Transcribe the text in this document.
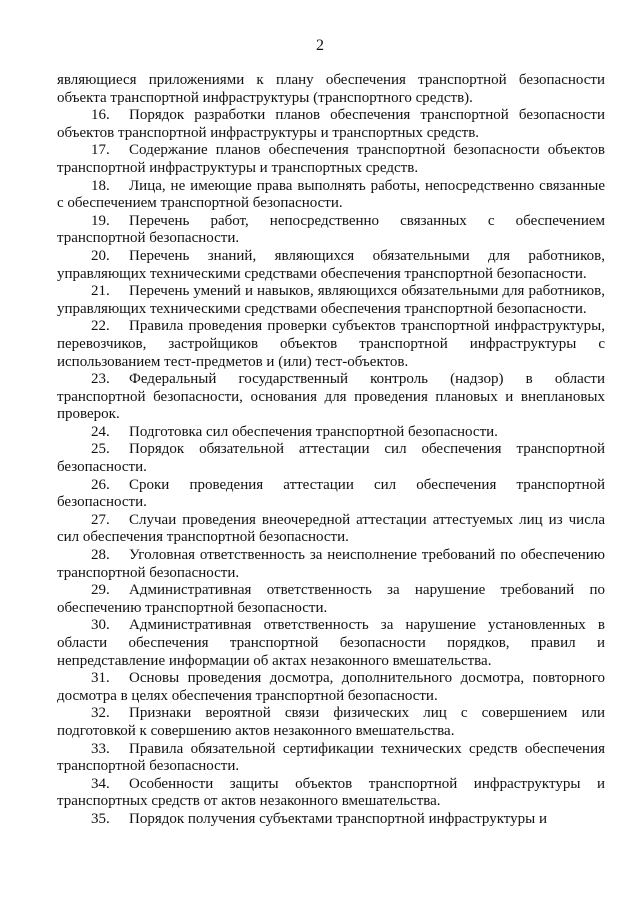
2

являющиеся приложениями к плану обеспечения транспортной безопасности объекта транспортной инфраструктуры (транспортного средств).

16. Порядок разработки планов обеспечения транспортной безопасности объектов транспортной инфраструктуры и транспортных средств.

17. Содержание планов обеспечения транспортной безопасности объектов транспортной инфраструктуры и транспортных средств.

18. Лица, не имеющие права выполнять работы, непосредственно связанные с обеспечением транспортной безопасности.

19. Перечень работ, непосредственно связанных с обеспечением транспортной безопасности.

20. Перечень знаний, являющихся обязательными для работников, управляющих техническими средствами обеспечения транспортной безопасности.

21. Перечень умений и навыков, являющихся обязательными для работников, управляющих техническими средствами обеспечения транспортной безопасности.

22. Правила проведения проверки субъектов транспортной инфраструктуры, перевозчиков, застройщиков объектов транспортной инфраструктуры с использованием тест-предметов и (или) тест-объектов.

23. Федеральный государственный контроль (надзор) в области транспортной безопасности, основания для проведения плановых и внеплановых проверок.

24. Подготовка сил обеспечения транспортной безопасности.

25. Порядок обязательной аттестации сил обеспечения транспортной безопасности.

26. Сроки проведения аттестации сил обеспечения транспортной безопасности.

27. Случаи проведения внеочередной аттестации аттестуемых лиц из числа сил обеспечения транспортной безопасности.

28. Уголовная ответственность за неисполнение требований по обеспечению транспортной безопасности.

29. Административная ответственность за нарушение требований по обеспечению транспортной безопасности.

30. Административная ответственность за нарушение установленных в области обеспечения транспортной безопасности порядков, правил и непредставление информации об актах незаконного вмешательства.

31. Основы проведения досмотра, дополнительного досмотра, повторного досмотра в целях обеспечения транспортной безопасности.

32. Признаки вероятной связи физических лиц с совершением или подготовкой к совершению актов незаконного вмешательства.

33. Правила обязательной сертификации технических средств обеспечения транспортной безопасности.

34. Особенности защиты объектов транспортной инфраструктуры и транспортных средств от актов незаконного вмешательства.

35. Порядок получения субъектами транспортной инфраструктуры и
